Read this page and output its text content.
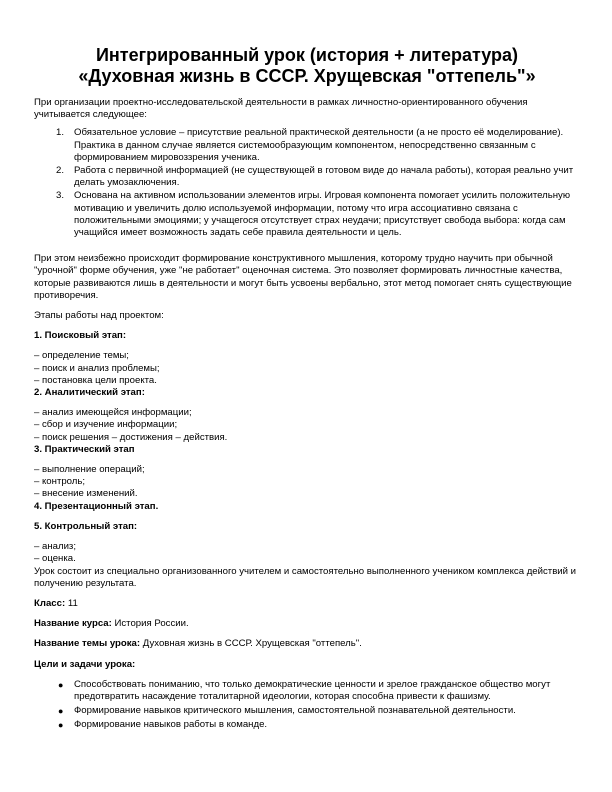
Интегрированный урок (история + литература)
«Духовная жизнь в СССР. Хрущевская "оттепель"»

При организации проектно-исследовательской деятельности в рамках личностно-ориентированного обучения учитывается следующее:

1. Обязательное условие – присутствие реальной практической деятельности (а не просто её моделирование). Практика в данном случае является системообразующим компонентом, непосредственно связанным с формированием мировоззрения ученика.
2. Работа с первичной информацией (не существующей в готовом виде до начала работы), которая реально учит делать умозаключения.
3. Основана на активном использовании элементов игры. Игровая компонента помогает усилить положительную мотивацию и увеличить долю используемой информации, потому что игра ассоциативно связана с положительными эмоциями; у учащегося отсутствует страх неудачи; присутствует свобода выбора: когда сам учащийся имеет возможность задать себе правила деятельности и цель.

При этом неизбежно происходит формирование конструктивного мышления, которому трудно научить при обычной "урочной" форме обучения, уже "не работает" оценочная система. Это позволяет формировать личностные качества, которые развиваются лишь в деятельности и могут быть усвоены вербально, этот метод помогает снять существующие противоречия.

Этапы работы над проектом:

1. Поисковый этап:

– определение темы;
– поиск и анализ проблемы;
– постановка цели проекта.

2. Аналитический этап:

– анализ имеющейся информации;
– сбор и изучение информации;
– поиск решения – достижения – действия.

3. Практический этап

– выполнение операций;
– контроль;
– внесение изменений.

4. Презентационный этап.

5. Контрольный этап:

– анализ;
– оценка.

Урок состоит из специально организованного учителем и самостоятельно выполненного учеником комплекса действий и получению результата.

Класс: 11

Название курса: История России.

Название темы урока: Духовная жизнь в СССР. Хрущевская "оттепель".

Цели и задачи урока:

● Способствовать пониманию, что только демократические ценности и зрелое гражданское общество могут предотвратить насаждение тоталитарной идеологии, которая способна привести к фашизму.
● Формирование навыков критического мышления, самостоятельной познавательной деятельности.
● Формирование навыков работы в команде.
